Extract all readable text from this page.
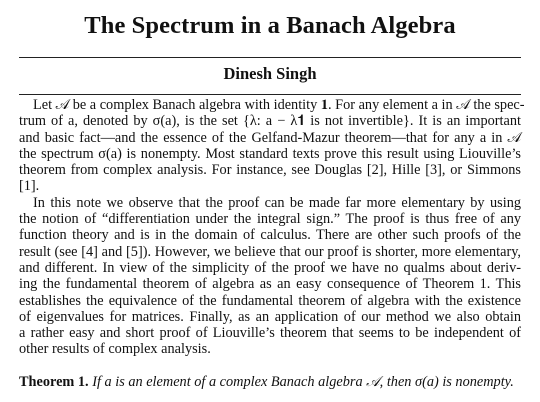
The Spectrum in a Banach Algebra
Dinesh Singh
Let 𝒜 be a complex Banach algebra with identity 𝟏. For any element a in 𝒜 the spec-
trum of a, denoted by σ(a), is the set {λ: a − λ𝟏 is not invertible}. It is an important
and basic fact—and the essence of the Gelfand-Mazur theorem—that for any a in 𝒜
the spectrum σ(a) is nonempty. Most standard texts prove this result using Liouville’s
theorem from complex analysis. For instance, see Douglas [2], Hille [3], or Simmons
[1].
In this note we observe that the proof can be made far more elementary by using
the notion of “differentiation under the integral sign.” The proof is thus free of any
function theory and is in the domain of calculus. There are other such proofs of the
result (see [4] and [5]). However, we believe that our proof is shorter, more elementary,
and different. In view of the simplicity of the proof we have no qualms about deriv-
ing the fundamental theorem of algebra as an easy consequence of Theorem 1. This
establishes the equivalence of the fundamental theorem of algebra with the existence
of eigenvalues for matrices. Finally, as an application of our method we also obtain
a rather easy and short proof of Liouville’s theorem that seems to be independent of
other results of complex analysis.
Theorem 1. If a is an element of a complex Banach algebra 𝒜, then σ(a) is nonempty.
